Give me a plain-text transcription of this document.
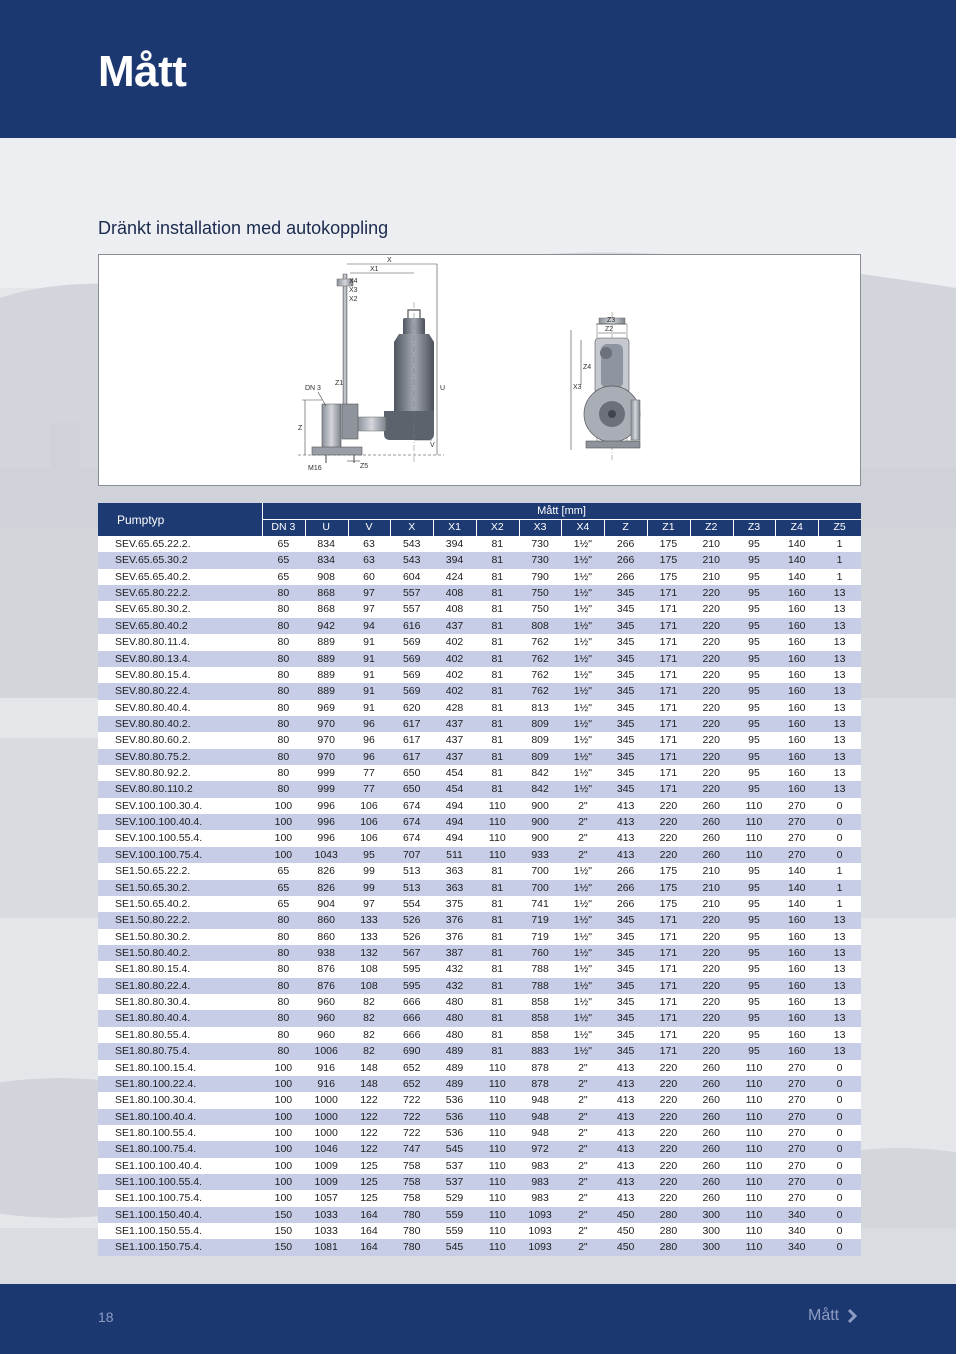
Mått
Dränkt installation med autokoppling
X
X1
X4
X3
X2
DN 3
Z1
Z
U
V
M16	Z5
Z3
Z2
Z4
X3
Pumptyp	Mått [mm]													
	DN 3	U	V	X	X1	X2	X3	X4	Z	Z1	Z2	Z3	Z4	Z5
SEV.65.65.22.2.	65	834	63	543	394	81	730	1½"	266	175	210	95	140	1
SEV.65.65.30.2	65	834	63	543	394	81	730	1½"	266	175	210	95	140	1
SEV.65.65.40.2.	65	908	60	604	424	81	790	1½"	266	175	210	95	140	1
SEV.65.80.22.2.	80	868	97	557	408	81	750	1½"	345	171	220	95	160	13
SEV.65.80.30.2.	80	868	97	557	408	81	750	1½"	345	171	220	95	160	13
SEV.65.80.40.2	80	942	94	616	437	81	808	1½"	345	171	220	95	160	13
SEV.80.80.11.4.	80	889	91	569	402	81	762	1½"	345	171	220	95	160	13
SEV.80.80.13.4.	80	889	91	569	402	81	762	1½"	345	171	220	95	160	13
SEV.80.80.15.4.	80	889	91	569	402	81	762	1½"	345	171	220	95	160	13
SEV.80.80.22.4.	80	889	91	569	402	81	762	1½"	345	171	220	95	160	13
SEV.80.80.40.4.	80	969	91	620	428	81	813	1½"	345	171	220	95	160	13
SEV.80.80.40.2.	80	970	96	617	437	81	809	1½"	345	171	220	95	160	13
SEV.80.80.60.2.	80	970	96	617	437	81	809	1½"	345	171	220	95	160	13
SEV.80.80.75.2.	80	970	96	617	437	81	809	1½"	345	171	220	95	160	13
SEV.80.80.92.2.	80	999	77	650	454	81	842	1½"	345	171	220	95	160	13
SEV.80.80.110.2	80	999	77	650	454	81	842	1½"	345	171	220	95	160	13
SEV.100.100.30.4.	100	996	106	674	494	110	900	2"	413	220	260	110	270	0
SEV.100.100.40.4.	100	996	106	674	494	110	900	2"	413	220	260	110	270	0
SEV.100.100.55.4.	100	996	106	674	494	110	900	2"	413	220	260	110	270	0
SEV.100.100.75.4.	100	1043	95	707	511	110	933	2"	413	220	260	110	270	0
SE1.50.65.22.2.	65	826	99	513	363	81	700	1½"	266	175	210	95	140	1
SE1.50.65.30.2.	65	826	99	513	363	81	700	1½"	266	175	210	95	140	1
SE1.50.65.40.2.	65	904	97	554	375	81	741	1½"	266	175	210	95	140	1
SE1.50.80.22.2.	80	860	133	526	376	81	719	1½"	345	171	220	95	160	13
SE1.50.80.30.2.	80	860	133	526	376	81	719	1½"	345	171	220	95	160	13
SE1.50.80.40.2.	80	938	132	567	387	81	760	1½"	345	171	220	95	160	13
SE1.80.80.15.4.	80	876	108	595	432	81	788	1½"	345	171	220	95	160	13
SE1.80.80.22.4.	80	876	108	595	432	81	788	1½"	345	171	220	95	160	13
SE1.80.80.30.4.	80	960	82	666	480	81	858	1½"	345	171	220	95	160	13
SE1.80.80.40.4.	80	960	82	666	480	81	858	1½"	345	171	220	95	160	13
SE1.80.80.55.4.	80	960	82	666	480	81	858	1½"	345	171	220	95	160	13
SE1.80.80.75.4.	80	1006	82	690	489	81	883	1½"	345	171	220	95	160	13
SE1.80.100.15.4.	100	916	148	652	489	110	878	2"	413	220	260	110	270	0
SE1.80.100.22.4.	100	916	148	652	489	110	878	2"	413	220	260	110	270	0
SE1.80.100.30.4.	100	1000	122	722	536	110	948	2"	413	220	260	110	270	0
SE1.80.100.40.4.	100	1000	122	722	536	110	948	2"	413	220	260	110	270	0
SE1.80.100.55.4.	100	1000	122	722	536	110	948	2"	413	220	260	110	270	0
SE1.80.100.75.4.	100	1046	122	747	545	110	972	2"	413	220	260	110	270	0
SE1.100.100.40.4.	100	1009	125	758	537	110	983	2"	413	220	260	110	270	0
SE1.100.100.55.4.	100	1009	125	758	537	110	983	2"	413	220	260	110	270	0
SE1.100.100.75.4.	100	1057	125	758	529	110	983	2"	413	220	260	110	270	0
SE1.100.150.40.4.	150	1033	164	780	559	110	1093	2"	450	280	300	110	340	0
SE1.100.150.55.4.	150	1033	164	780	559	110	1093	2"	450	280	300	110	340	0
SE1.100.150.75.4.	150	1081	164	780	545	110	1093	2"	450	280	300	110	340	0
18	Mått
